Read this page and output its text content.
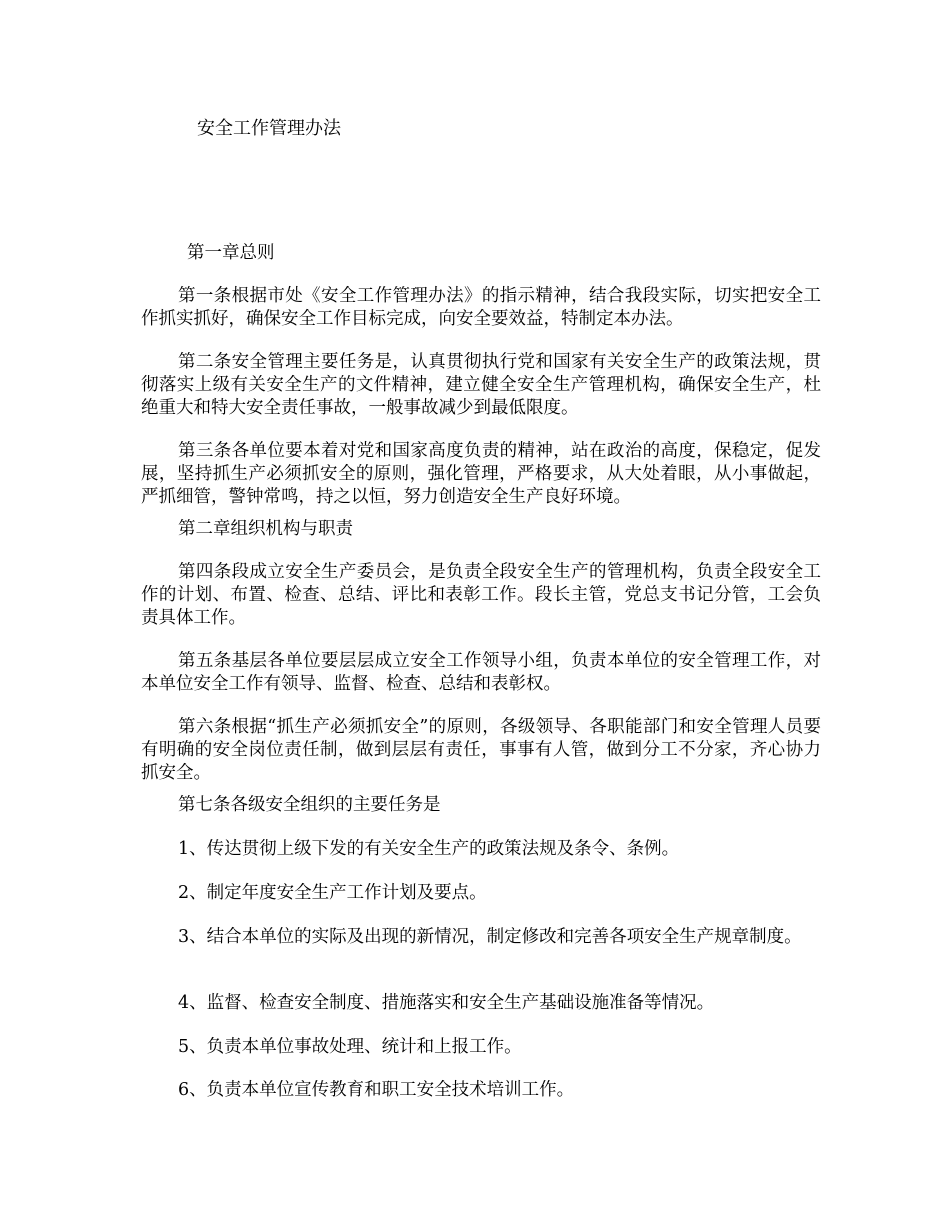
安全工作管理办法
第一章总则
第一条根据市处《安全工作管理办法》的指示精神，结合我段实际，切实把安全工作抓实抓好，确保安全工作目标完成，向安全要效益，特制定本办法。
第二条安全管理主要任务是，认真贯彻执行党和国家有关安全生产的政策法规，贯彻落实上级有关安全生产的文件精神，建立健全安全生产管理机构，确保安全生产，杜绝重大和特大安全责任事故，一般事故减少到最低限度。
第三条各单位要本着对党和国家高度负责的精神，站在政治的高度，保稳定，促发展，坚持抓生产必须抓安全的原则，强化管理，严格要求，从大处着眼，从小事做起，严抓细管，警钟常鸣，持之以恒，努力创造安全生产良好环境。
第二章组织机构与职责
第四条段成立安全生产委员会，是负责全段安全生产的管理机构，负责全段安全工作的计划、布置、检查、总结、评比和表彰工作。段长主管，党总支书记分管，工会负责具体工作。
第五条基层各单位要层层成立安全工作领导小组，负责本单位的安全管理工作，对本单位安全工作有领导、监督、检查、总结和表彰权。
第六条根据“抓生产必须抓安全”的原则，各级领导、各职能部门和安全管理人员要有明确的安全岗位责任制，做到层层有责任，事事有人管，做到分工不分家，齐心协力抓安全。
第七条各级安全组织的主要任务是
1、传达贯彻上级下发的有关安全生产的政策法规及条令、条例。
2、制定年度安全生产工作计划及要点。
3、结合本单位的实际及出现的新情况，制定修改和完善各项安全生产规章制度。
4、监督、检查安全制度、措施落实和安全生产基础设施准备等情况。
5、负责本单位事故处理、统计和上报工作。
6、负责本单位宣传教育和职工安全技术培训工作。
